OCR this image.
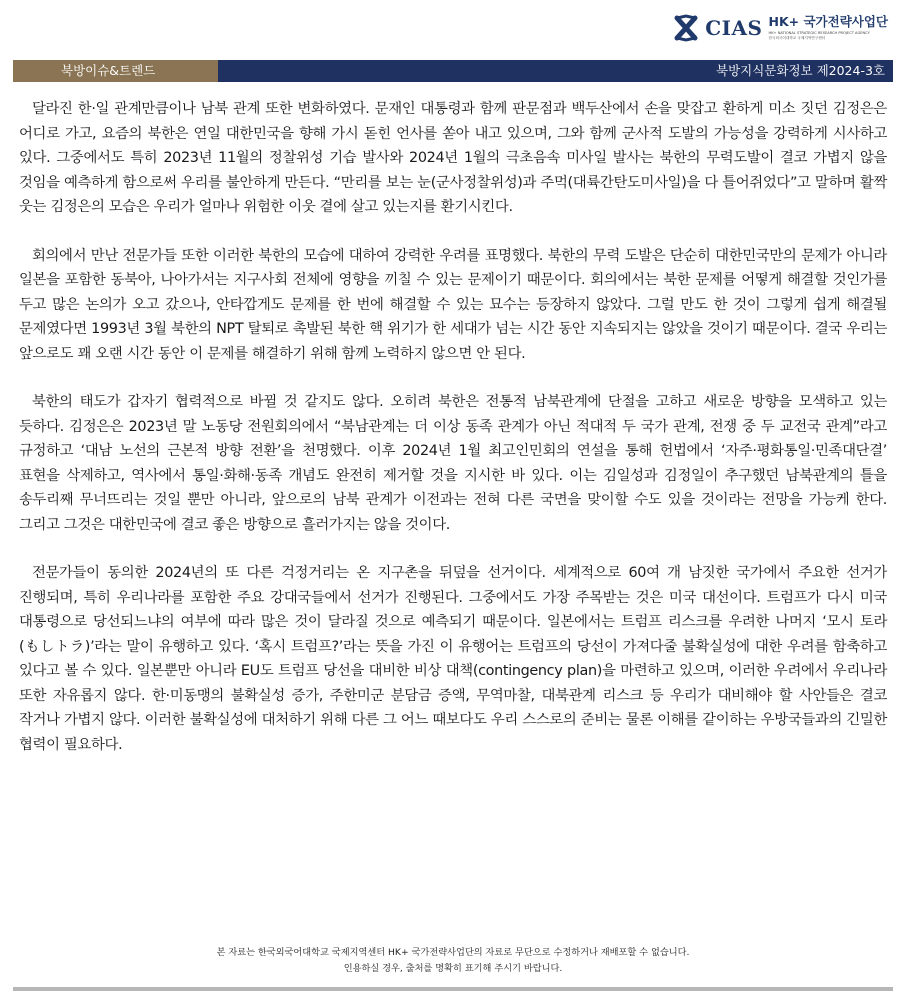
CIAS HK+ 국가전략사업단
HK+ NATIONAL STRATEGIC RESEARCH PROJECT AGENCY
한국외국어대학교 국제지역연구센터
북방이슈&트렌드	북방지식문화정보 제2024-3호

달라진 한·일 관계만큼이나 남북 관계 또한 변화하였다. 문재인 대통령과 함께 판문점과 백두산에서 손을 맞잡고 환하게 미소 짓던 김정은은 어디로 가고, 요즘의 북한은 연일 대한민국을 향해 가시 돋힌 언사를 쏟아 내고 있으며, 그와 함께 군사적 도발의 가능성을 강력하게 시사하고 있다. 그중에서도 특히 2023년 11월의 정찰위성 기습 발사와 2024년 1월의 극초음속 미사일 발사는 북한의 무력도발이 결코 가볍지 않을 것임을 예측하게 함으로써 우리를 불안하게 만든다. “만리를 보는 눈(군사정찰위성)과 주먹(대륙간탄도미사일)을 다 틀어쥐었다”고 말하며 활짝 웃는 김정은의 모습은 우리가 얼마나 위험한 이웃 곁에 살고 있는지를 환기시킨다.

회의에서 만난 전문가들 또한 이러한 북한의 모습에 대하여 강력한 우려를 표명했다. 북한의 무력 도발은 단순히 대한민국만의 문제가 아니라 일본을 포함한 동북아, 나아가서는 지구사회 전체에 영향을 끼칠 수 있는 문제이기 때문이다. 회의에서는 북한 문제를 어떻게 해결할 것인가를 두고 많은 논의가 오고 갔으나, 안타깝게도 문제를 한 번에 해결할 수 있는 묘수는 등장하지 않았다. 그럴 만도 한 것이 그렇게 쉽게 해결될 문제였다면 1993년 3월 북한의 NPT 탈퇴로 촉발된 북한 핵 위기가 한 세대가 넘는 시간 동안 지속되지는 않았을 것이기 때문이다. 결국 우리는 앞으로도 꽤 오랜 시간 동안 이 문제를 해결하기 위해 함께 노력하지 않으면 안 된다.

북한의 태도가 갑자기 협력적으로 바뀔 것 같지도 않다. 오히려 북한은 전통적 남북관계에 단절을 고하고 새로운 방향을 모색하고 있는 듯하다. 김정은은 2023년 말 노동당 전원회의에서 “북남관계는 더 이상 동족 관계가 아닌 적대적 두 국가 관계, 전쟁 중 두 교전국 관계”라고 규정하고 ‘대남 노선의 근본적 방향 전환’을 천명했다. 이후 2024년 1월 최고인민회의 연설을 통해 헌법에서 ‘자주·평화통일·민족대단결’ 표현을 삭제하고, 역사에서 통일·화해·동족 개념도 완전히 제거할 것을 지시한 바 있다. 이는 김일성과 김정일이 추구했던 남북관계의 틀을 송두리째 무너뜨리는 것일 뿐만 아니라, 앞으로의 남북 관계가 이전과는 전혀 다른 국면을 맞이할 수도 있을 것이라는 전망을 가능케 한다. 그리고 그것은 대한민국에 결코 좋은 방향으로 흘러가지는 않을 것이다.

전문가들이 동의한 2024년의 또 다른 걱정거리는 온 지구촌을 뒤덮을 선거이다. 세계적으로 60여 개 남짓한 국가에서 주요한 선거가 진행되며, 특히 우리나라를 포함한 주요 강대국들에서 선거가 진행된다. 그중에서도 가장 주목받는 것은 미국 대선이다. 트럼프가 다시 미국 대통령으로 당선되느냐의 여부에 따라 많은 것이 달라질 것으로 예측되기 때문이다. 일본에서는 트럼프 리스크를 우려한 나머지 ‘모시 토라(もしトラ)’라는 말이 유행하고 있다. ‘혹시 트럼프?’라는 뜻을 가진 이 유행어는 트럼프의 당선이 가져다줄 불확실성에 대한 우려를 함축하고 있다고 볼 수 있다. 일본뿐만 아니라 EU도 트럼프 당선을 대비한 비상 대책(contingency plan)을 마련하고 있으며, 이러한 우려에서 우리나라 또한 자유롭지 않다. 한·미동맹의 불확실성 증가, 주한미군 분담금 증액, 무역마찰, 대북관계 리스크 등 우리가 대비해야 할 사안들은 결코 작거나 가볍지 않다. 이러한 불확실성에 대처하기 위해 다른 그 어느 때보다도 우리 스스로의 준비는 물론 이해를 같이하는 우방국들과의 긴밀한 협력이 필요하다.

본 자료는 한국외국어대학교 국제지역센터 HK+ 국가전략사업단의 자료로 무단으로 수정하거나 재배포할 수 없습니다.
인용하실 경우, 출처를 명확히 표기해 주시기 바랍니다.
